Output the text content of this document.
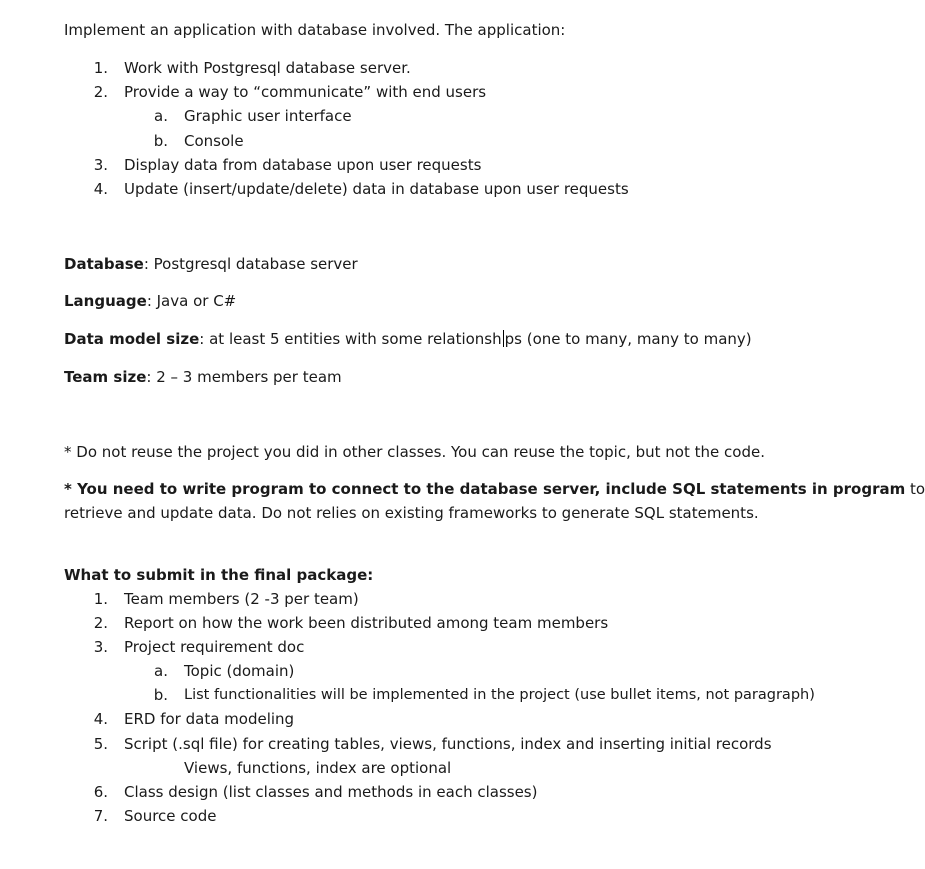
Implement an application with database involved. The application:
1. Work with Postgresql database server.
2. Provide a way to “communicate” with end users
a. Graphic user interface
b. Console
3. Display data from database upon user requests
4. Update (insert/update/delete) data in database upon user requests
Database: Postgresql database server
Language: Java or C#
Data model size: at least 5 entities with some relationsh ps (one to many, many to many)
Team size: 2 – 3 members per team
* Do not reuse the project you did in other classes. You can reuse the topic, but not the code.
* You need to write program to connect to the database server, include SQL statements in program to
retrieve and update data. Do not relies on existing frameworks to generate SQL statements.
What to submit in the final package:
1. Team members (2 -3 per team)
2. Report on how the work been distributed among team members
3. Project requirement doc
a. Topic (domain)
b. List functionalities will be implemented in the project (use bullet items, not paragraph)
4. ERD for data modeling
5. Script (.sql file) for creating tables, views, functions, index and inserting initial records
Views, functions, index are optional
6. Class design (list classes and methods in each classes)
7. Source code
